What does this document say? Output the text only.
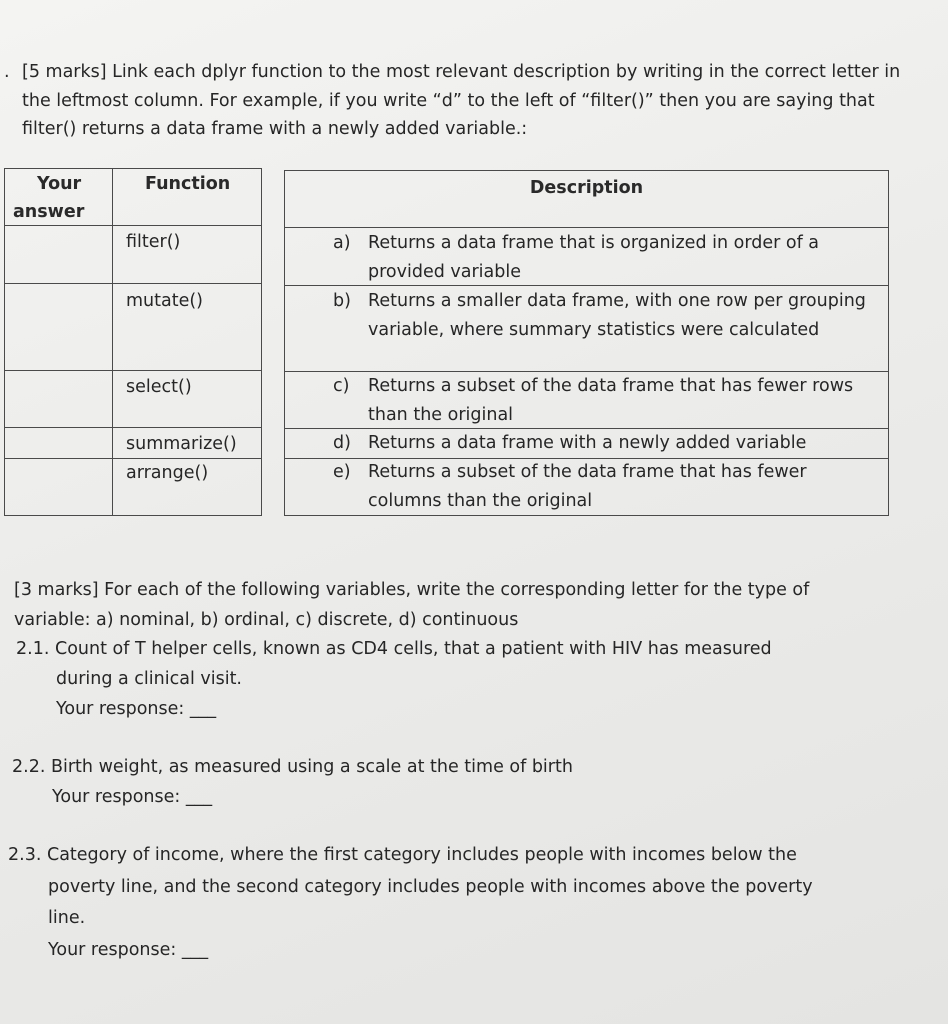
. [5 marks] Link each dplyr function to the most relevant description by writing in the correct letter in the leftmost column. For example, if you write “d” to the left of “filter()” then you are saying that filter() returns a data frame with a newly added variable.:
Your
answer
Function
filter()
mutate()
select()
summarize()
arrange()
Description
a) Returns a data frame that is organized in order of a provided variable
b) Returns a smaller data frame, with one row per grouping variable, where summary statistics were calculated
c) Returns a subset of the data frame that has fewer rows than the original
d) Returns a data frame with a newly added variable
e) Returns a subset of the data frame that has fewer columns than the original
[3 marks] For each of the following variables, write the corresponding letter for the type of
variable: a) nominal, b) ordinal, c) discrete, d) continuous
2.1. Count of T helper cells, known as CD4 cells, that a patient with HIV has measured
during a clinical visit.
Your response: ___
2.2. Birth weight, as measured using a scale at the time of birth
Your response: ___
2.3. Category of income, where the first category includes people with incomes below the
poverty line, and the second category includes people with incomes above the poverty
line.
Your response: ___
